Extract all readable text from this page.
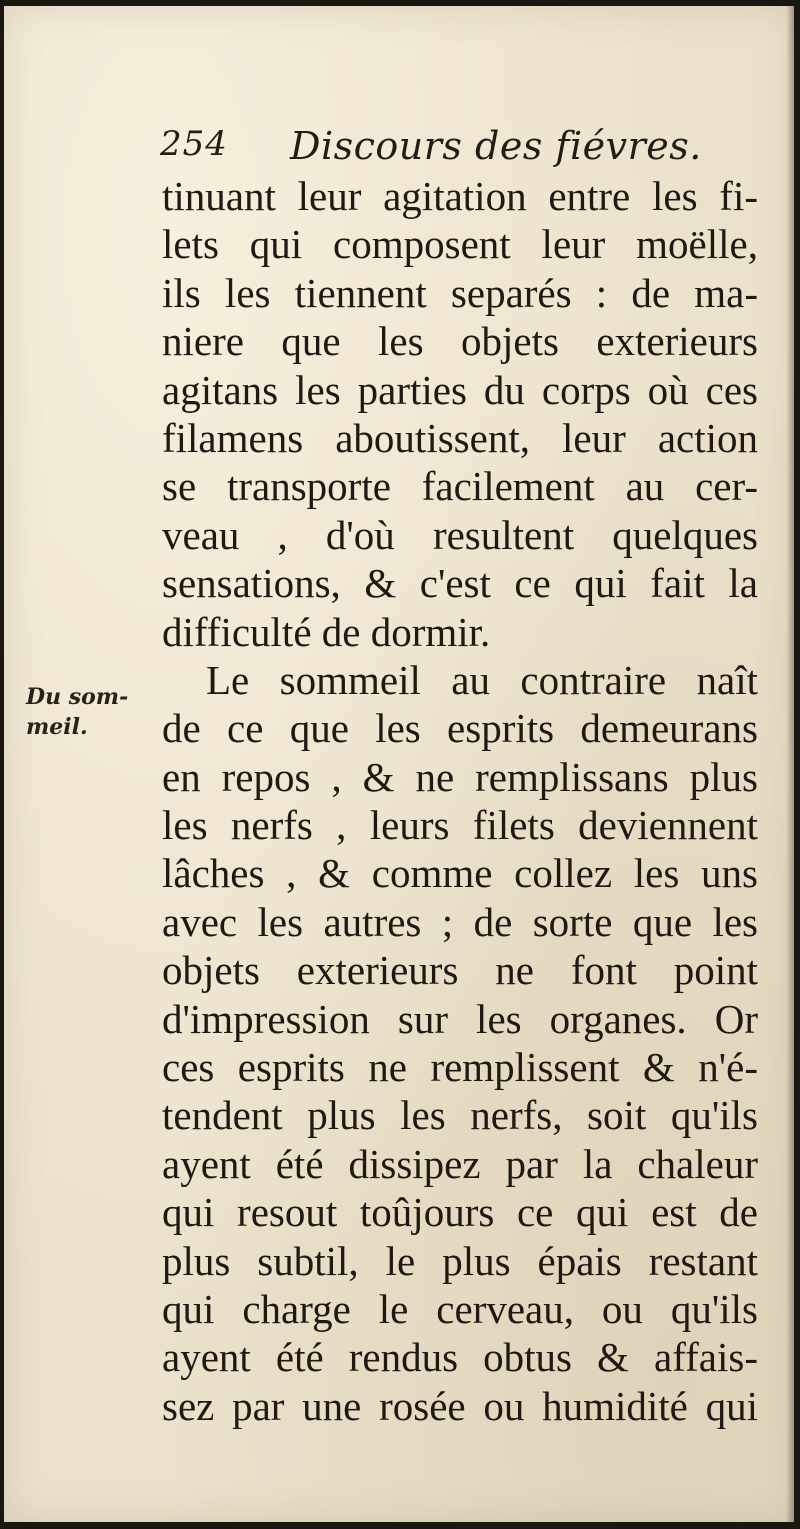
254 Discours des fiévres.
Du som-
meil.
tinuant leur agitation entre les fi-
lets qui composent leur moëlle,
ils les tiennent separés : de ma-
niere que les objets exterieurs
agitans les parties du corps où ces
filamens aboutissent, leur action
se transporte facilement au cer-
veau , d'où resultent quelques
sensations, & c'est ce qui fait la
difficulté de dormir.
Le sommeil au contraire naît
de ce que les esprits demeurans
en repos , & ne remplissans plus
les nerfs , leurs filets deviennent
lâches , & comme collez les uns
avec les autres ; de sorte que les
objets exterieurs ne font point
d'impression sur les organes. Or
ces esprits ne remplissent & n'é-
tendent plus les nerfs, soit qu'ils
ayent été dissipez par la chaleur
qui resout toûjours ce qui est de
plus subtil, le plus épais restant
qui charge le cerveau, ou qu'ils
ayent été rendus obtus & affais-
sez par une rosée ou humidité qui
